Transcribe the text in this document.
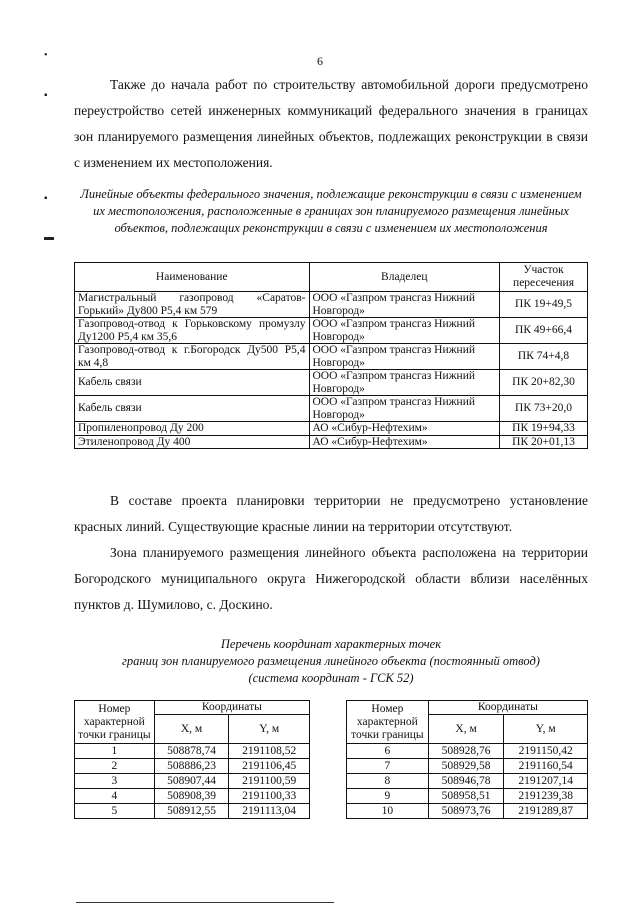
•
▪
▪
▬
6

Также до начала работ по строительству автомобильной дороги предусмотрено переустройство сетей инженерных коммуникаций федерального значения в границах зон планируемого размещения линейных объектов, подлежащих реконструкции в связи с изменением их местоположения.

Линейные объекты федерального значения, подлежащие реконструкции в связи с изменением их местоположения, расположенные в границах зон планируемого размещения линейных объектов, подлежащих реконструкции в связи с изменением их местоположения

Наименование	Владелец	Участок пересечения
Магистральный газопровод «Саратов-Горький» Ду800 Р5,4 км 579	ООО «Газпром трансгаз Нижний Новгород»	ПК 19+49,5
Газопровод-отвод к Горьковскому промузлу Ду1200 Р5,4 км 35,6	ООО «Газпром трансгаз Нижний Новгород»	ПК 49+66,4
Газопровод-отвод к г.Богородск Ду500 Р5,4 км 4,8	ООО «Газпром трансгаз Нижний Новгород»	ПК 74+4,8
Кабель связи	ООО «Газпром трансгаз Нижний Новгород»	ПК 20+82,30
Кабель связи	ООО «Газпром трансгаз Нижний Новгород»	ПК 73+20,0
Пропиленопровод Ду 200	АО «Сибур-Нефтехим»	ПК 19+94,33
Этиленопровод Ду 400	АО «Сибур-Нефтехим»	ПК 20+01,13

В составе проекта планировки территории не предусмотрено установление красных линий. Существующие красные линии на территории отсутствуют.

Зона планируемого размещения линейного объекта расположена на территории Богородского муниципального округа Нижегородской области вблизи населённых пунктов д. Шумилово, с. Доскино.

Перечень координат характерных точек
границ зон планируемого размещения линейного объекта (постоянный отвод)
(система координат - ГСК 52)

Номер характерной точки границы	Координаты	
	X, м	Y, м
1	508878,74	2191108,52
2	508886,23	2191106,45
3	508907,44	2191100,59
4	508908,39	2191100,33
5	508912,55	2191113,04
Номер характерной точки границы	Координаты	
	X, м	Y, м
6	508928,76	2191150,42
7	508929,58	2191160,54
8	508946,78	2191207,14
9	508958,51	2191239,38
10	508973,76	2191289,87
